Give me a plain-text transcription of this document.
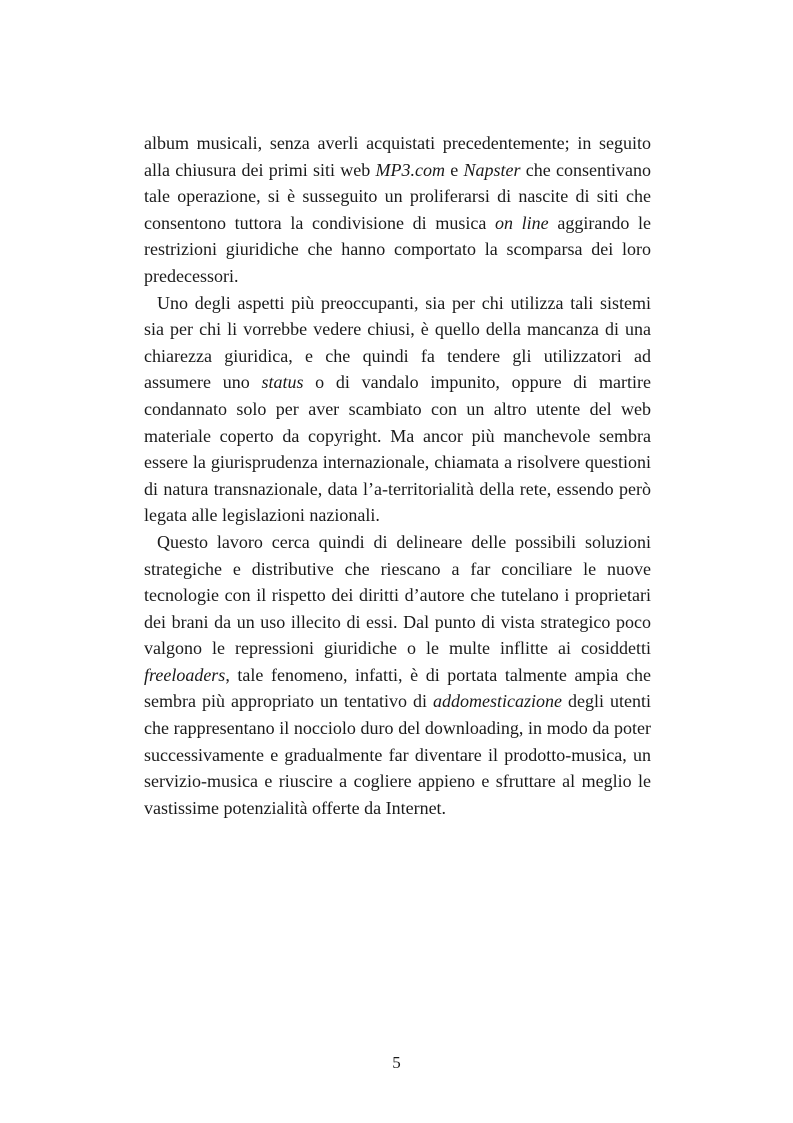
album musicali, senza averli acquistati precedentemente; in seguito alla chiusura dei primi siti web MP3.com e Napster che consentivano tale operazione, si è susseguito un proliferarsi di nascite di siti che consentono tuttora la condivisione di musica on line aggirando le restrizioni giuridiche che hanno comportato la scomparsa dei loro predecessori.

Uno degli aspetti più preoccupanti, sia per chi utilizza tali sistemi sia per chi li vorrebbe vedere chiusi, è quello della mancanza di una chiarezza giuridica, e che quindi fa tendere gli utilizzatori ad assumere uno status o di vandalo impunito, oppure di martire condannato solo per aver scambiato con un altro utente del web materiale coperto da copyright. Ma ancor più manchevole sembra essere la giurisprudenza internazionale, chiamata a risolvere questioni di natura transnazionale, data l’a-territorialità della rete, essendo però legata alle legislazioni nazionali.

Questo lavoro cerca quindi di delineare delle possibili soluzioni strategiche e distributive che riescano a far conciliare le nuove tecnologie con il rispetto dei diritti d’autore che tutelano i proprietari dei brani da un uso illecito di essi. Dal punto di vista strategico poco valgono le repressioni giuridiche o le multe inflitte ai cosiddetti freeloaders, tale fenomeno, infatti, è di portata talmente ampia che sembra più appropriato un tentativo di addomesticazione degli utenti che rappresentano il nocciolo duro del downloading, in modo da poter successivamente e gradualmente far diventare il prodotto-musica, un servizio-musica e riuscire a cogliere appieno e sfruttare al meglio le vastissime potenzialità offerte da Internet.

5
